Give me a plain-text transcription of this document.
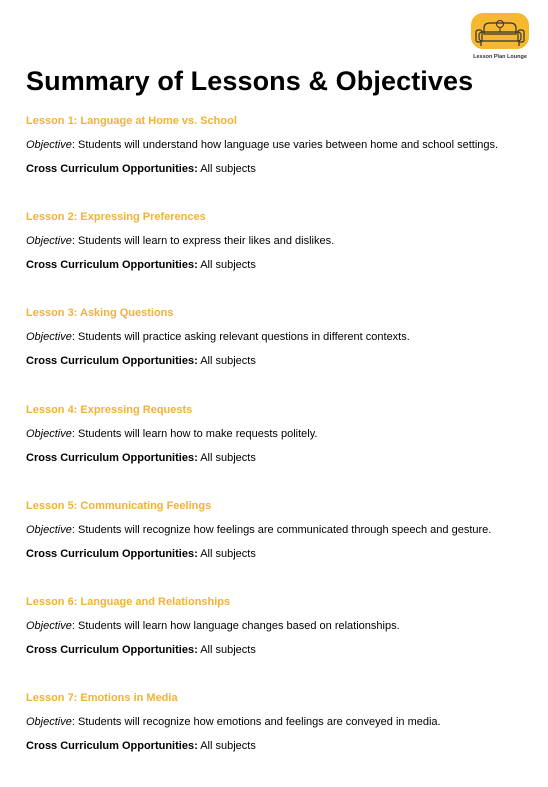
Lesson Plan Lounge
Summary of Lessons & Objectives
Lesson 1: Language at Home vs. School
Objective: Students will understand how language use varies between home and school settings.
Cross Curriculum Opportunities: All subjects
Lesson 2: Expressing Preferences
Objective: Students will learn to express their likes and dislikes.
Cross Curriculum Opportunities: All subjects
Lesson 3: Asking Questions
Objective: Students will practice asking relevant questions in different contexts.
Cross Curriculum Opportunities: All subjects
Lesson 4: Expressing Requests
Objective: Students will learn how to make requests politely.
Cross Curriculum Opportunities: All subjects
Lesson 5: Communicating Feelings
Objective: Students will recognize how feelings are communicated through speech and gesture.
Cross Curriculum Opportunities: All subjects
Lesson 6: Language and Relationships
Objective: Students will learn how language changes based on relationships.
Cross Curriculum Opportunities: All subjects
Lesson 7: Emotions in Media
Objective: Students will recognize how emotions and feelings are conveyed in media.
Cross Curriculum Opportunities: All subjects
